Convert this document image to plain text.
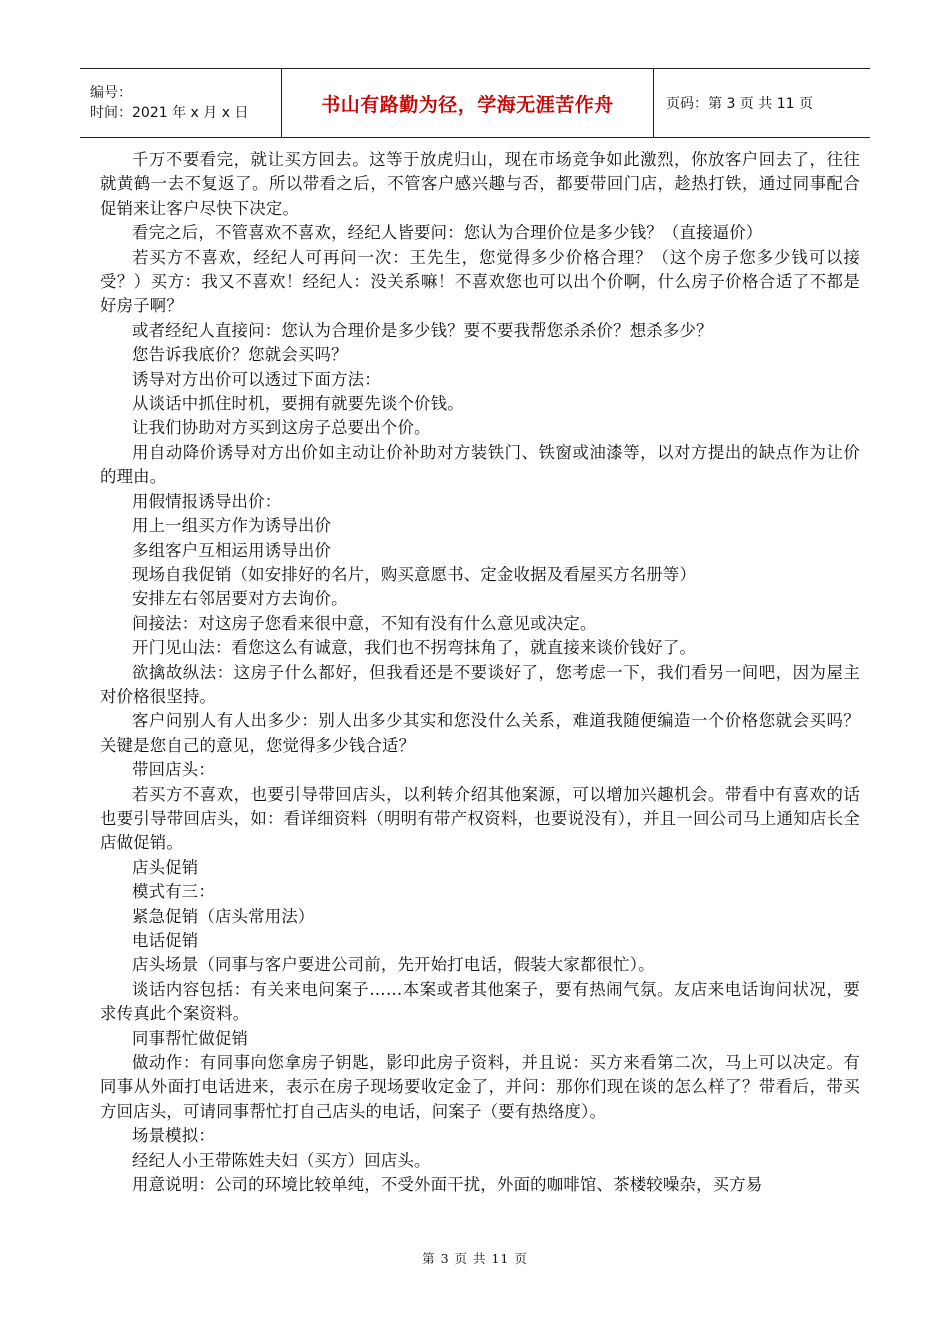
编号：
时间：2021 年 x 月 x 日	书山有路勤为径，学海无涯苦作舟	页码：第 3 页 共 11 页

千万不要看完，就让买方回去。这等于放虎归山，现在市场竞争如此激烈，你放客户回去了，往往就黄鹤一去不复返了。所以带看之后，不管客户感兴趣与否，都要带回门店，趁热打铁，通过同事配合促销来让客户尽快下决定。

看完之后，不管喜欢不喜欢，经纪人皆要问：您认为合理价位是多少钱？（直接逼价）

若买方不喜欢，经纪人可再问一次：王先生，您觉得多少价格合理？（这个房子您多少钱可以接受？）买方：我又不喜欢！经纪人：没关系嘛！不喜欢您也可以出个价啊，什么房子价格合适了不都是好房子啊？

或者经纪人直接问：您认为合理价是多少钱？要不要我帮您杀杀价？想杀多少？

您告诉我底价？您就会买吗？

诱导对方出价可以透过下面方法：

从谈话中抓住时机，要拥有就要先谈个价钱。

让我们协助对方买到这房子总要出个价。

用自动降价诱导对方出价如主动让价补助对方装铁门、铁窗或油漆等，以对方提出的缺点作为让价的理由。

用假情报诱导出价：

用上一组买方作为诱导出价

多组客户互相运用诱导出价

现场自我促销（如安排好的名片，购买意愿书、定金收据及看屋买方名册等）

安排左右邻居要对方去询价。

间接法：对这房子您看来很中意，不知有没有什么意见或决定。

开门见山法：看您这么有诚意，我们也不拐弯抹角了，就直接来谈价钱好了。

欲擒故纵法：这房子什么都好，但我看还是不要谈好了，您考虑一下，我们看另一间吧，因为屋主对价格很坚持。

客户问别人有人出多少：别人出多少其实和您没什么关系，难道我随便编造一个价格您就会买吗？关键是您自己的意见，您觉得多少钱合适？

带回店头：

若买方不喜欢，也要引导带回店头，以利转介绍其他案源，可以增加兴趣机会。带看中有喜欢的话也要引导带回店头，如：看详细资料（明明有带产权资料，也要说没有），并且一回公司马上通知店长全店做促销。

店头促销

模式有三：

紧急促销（店头常用法）

电话促销

店头场景（同事与客户要进公司前，先开始打电话，假装大家都很忙）。

谈话内容包括：有关来电问案子……本案或者其他案子，要有热闹气氛。友店来电话询问状况，要求传真此个案资料。

同事帮忙做促销

做动作：有同事向您拿房子钥匙，影印此房子资料，并且说：买方来看第二次，马上可以决定。有同事从外面打电话进来，表示在房子现场要收定金了，并问：那你们现在谈的怎么样了？带看后，带买方回店头，可请同事帮忙打自己店头的电话，问案子（要有热络度）。

场景模拟：

经纪人小王带陈姓夫妇（买方）回店头。

用意说明：公司的环境比较单纯，不受外面干扰，外面的咖啡馆、茶楼较噪杂，买方易

第 3 页 共 11 页
